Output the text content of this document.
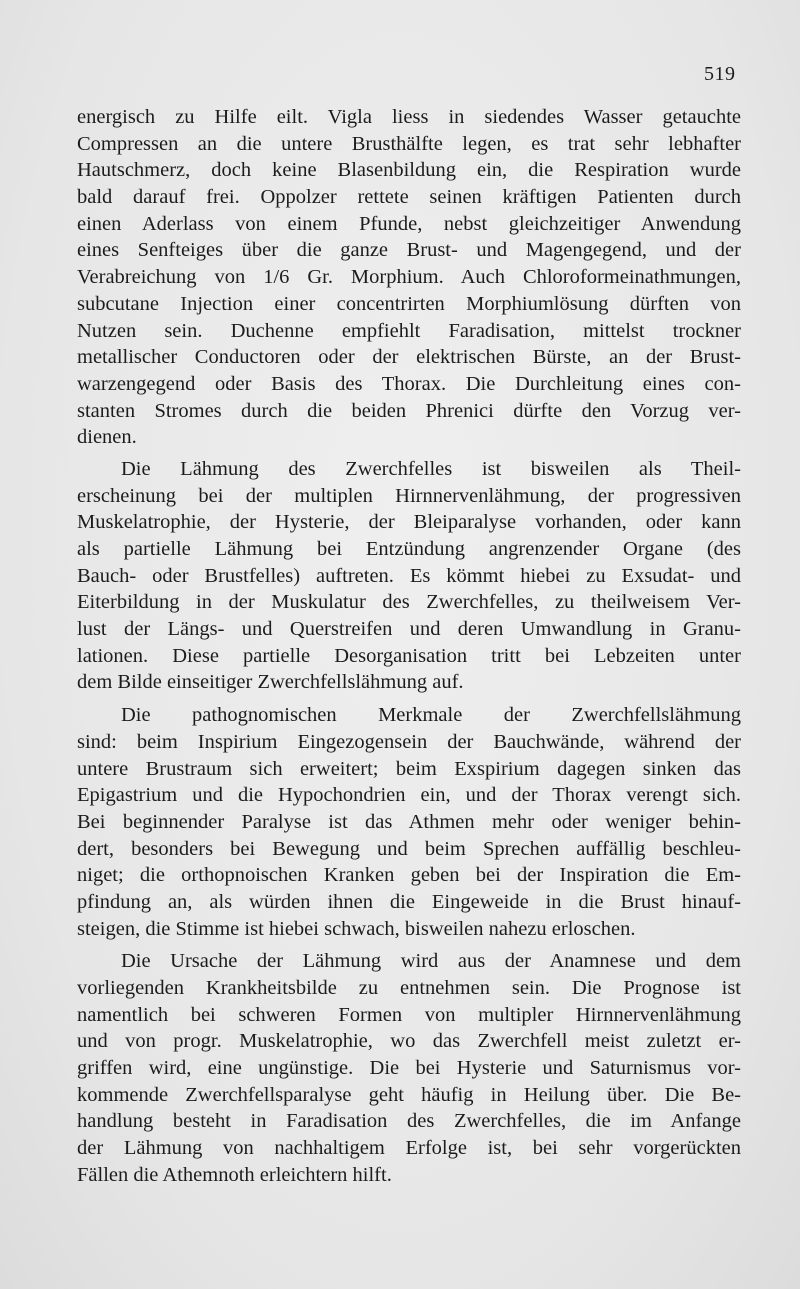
519
energisch zu Hilfe eilt. Vigla liess in siedendes Wasser getauchte
Compressen an die untere Brusthälfte legen, es trat sehr lebhafter
Hautschmerz, doch keine Blasenbildung ein, die Respiration wurde
bald darauf frei. Oppolzer rettete seinen kräftigen Patienten durch
einen Aderlass von einem Pfunde, nebst gleichzeitiger Anwendung
eines Senfteiges über die ganze Brust- und Magengegend, und der
Verabreichung von 1/6 Gr. Morphium. Auch Chloroformeinathmungen,
subcutane Injection einer concentrirten Morphiumlösung dürften von
Nutzen sein. Duchenne empfiehlt Faradisation, mittelst trockner
metallischer Conductoren oder der elektrischen Bürste, an der Brust-
warzengegend oder Basis des Thorax. Die Durchleitung eines con-
stanten Stromes durch die beiden Phrenici dürfte den Vorzug ver-
dienen.
Die Lähmung des Zwerchfelles ist bisweilen als Theil-
erscheinung bei der multiplen Hirnnervenlähmung, der progressiven
Muskelatrophie, der Hysterie, der Bleiparalyse vorhanden, oder kann
als partielle Lähmung bei Entzündung angrenzender Organe (des
Bauch- oder Brustfelles) auftreten. Es kömmt hiebei zu Exsudat- und
Eiterbildung in der Muskulatur des Zwerchfelles, zu theilweisem Ver-
lust der Längs- und Querstreifen und deren Umwandlung in Granu-
lationen. Diese partielle Desorganisation tritt bei Lebzeiten unter
dem Bilde einseitiger Zwerchfellslähmung auf.
Die pathognomischen Merkmale der Zwerchfellslähmung
sind: beim Inspirium Eingezogensein der Bauchwände, während der
untere Brustraum sich erweitert; beim Exspirium dagegen sinken das
Epigastrium und die Hypochondrien ein, und der Thorax verengt sich.
Bei beginnender Paralyse ist das Athmen mehr oder weniger behin-
dert, besonders bei Bewegung und beim Sprechen auffällig beschleu-
niget; die orthopnoischen Kranken geben bei der Inspiration die Em-
pfindung an, als würden ihnen die Eingeweide in die Brust hinauf-
steigen, die Stimme ist hiebei schwach, bisweilen nahezu erloschen.
Die Ursache der Lähmung wird aus der Anamnese und dem
vorliegenden Krankheitsbilde zu entnehmen sein. Die Prognose ist
namentlich bei schweren Formen von multipler Hirnnervenlähmung
und von progr. Muskelatrophie, wo das Zwerchfell meist zuletzt er-
griffen wird, eine ungünstige. Die bei Hysterie und Saturnismus vor-
kommende Zwerchfellsparalyse geht häufig in Heilung über. Die Be-
handlung besteht in Faradisation des Zwerchfelles, die im Anfange
der Lähmung von nachhaltigem Erfolge ist, bei sehr vorgerückten
Fällen die Athemnoth erleichtern hilft.
